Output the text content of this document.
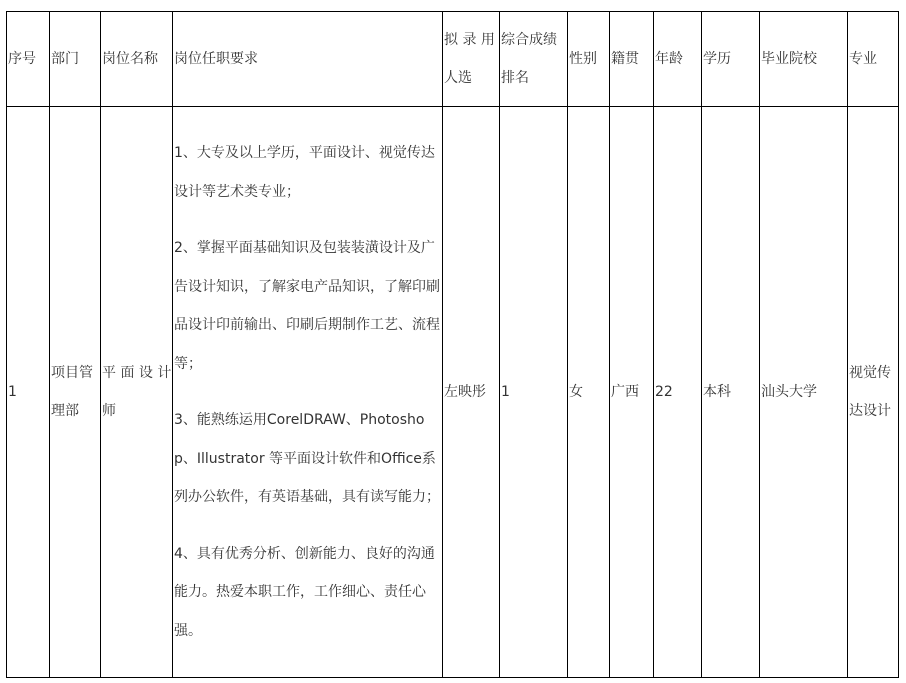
序号	部门	岗位名称	岗位任职要求	拟 录 用人选	综合成绩排名	性别	籍贯	年龄	学历	毕业院校	专业
1	项目管理部	平 面 设 计师	1、大专及以上学历，平面设计、视觉传达设计等艺术类专业；

2、掌握平面基础知识及包装装潢设计及广告设计知识，了解家电产品知识，了解印刷品设计印前输出、印刷后期制作工艺、流程等；

3、能熟练运用CorelDRAW、Photoshop、Illustrator 等平面设计软件和Office系列办公软件，有英语基础，具有读写能力；

4、具有优秀分析、创新能力、良好的沟通能力。热爱本职工作，工作细心、责任心强。	左映彤	1	女	广西	22	本科	汕头大学	视觉传达设计
